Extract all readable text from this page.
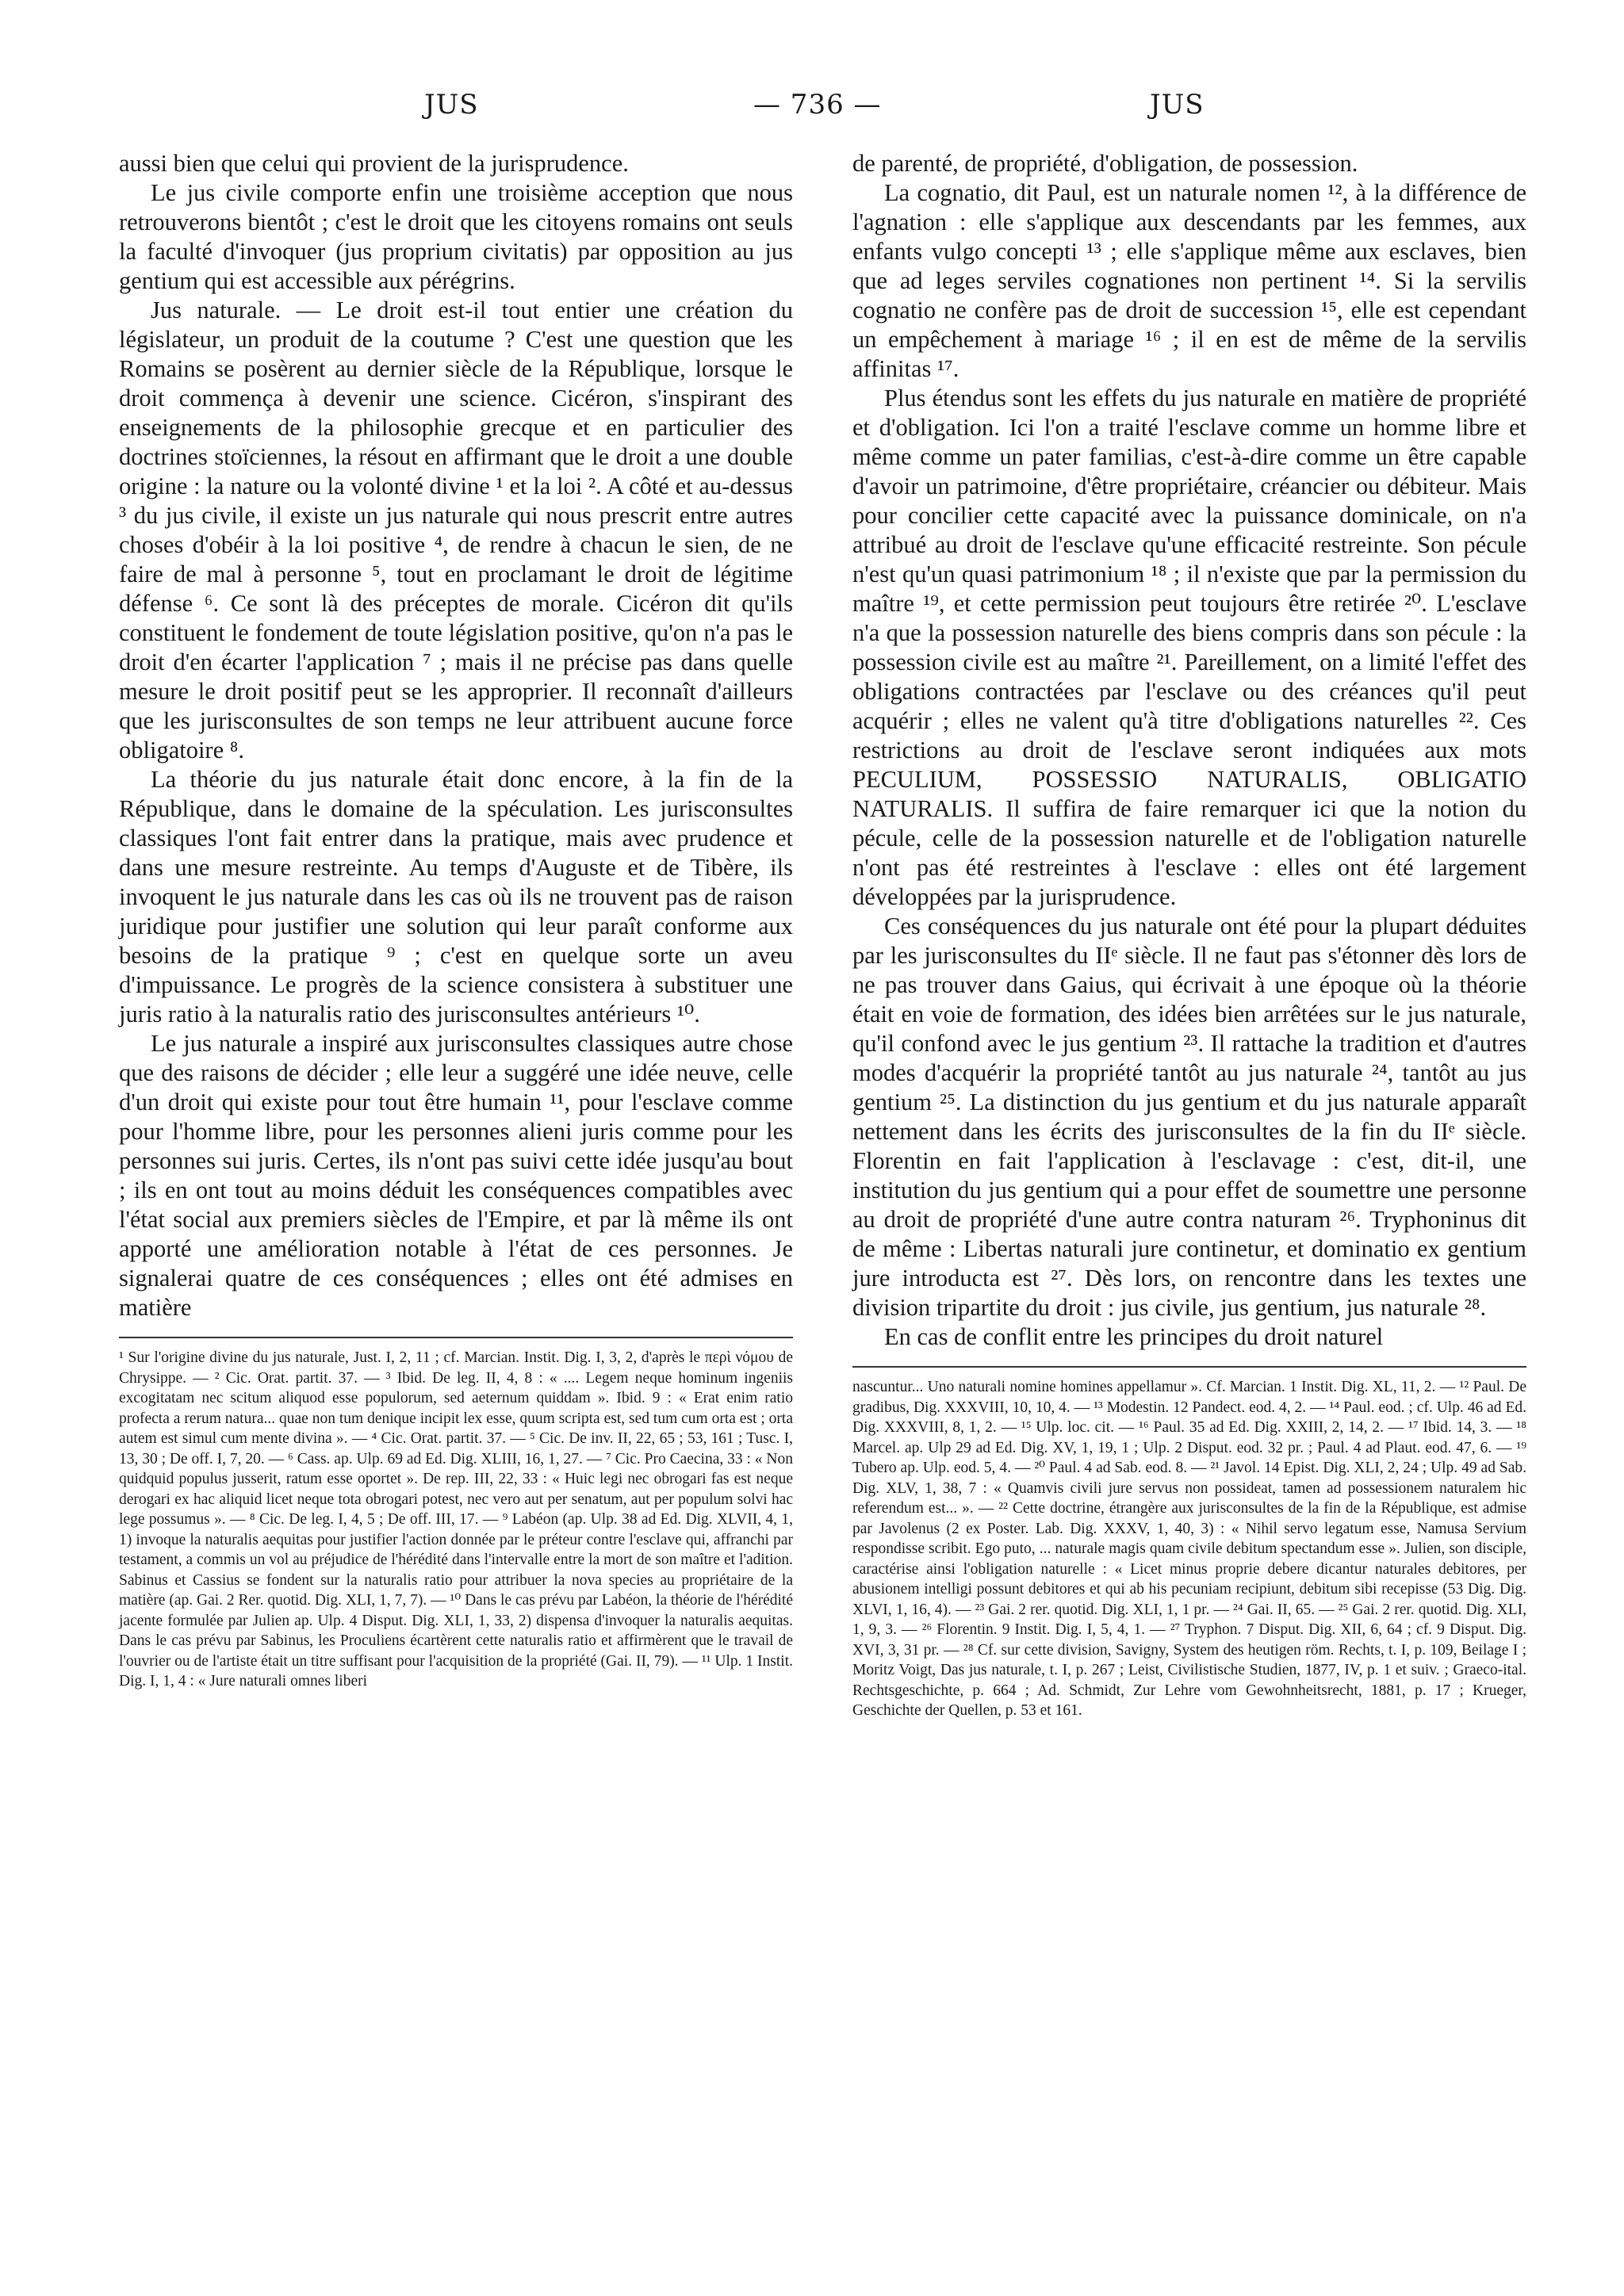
JUS	— 736 —	JUS

aussi bien que celui qui provient de la jurisprudence.

Le jus civile comporte enfin une troisième acception que nous retrouverons bientôt ; c'est le droit que les citoyens romains ont seuls la faculté d'invoquer (jus proprium civitatis) par opposition au jus gentium qui est accessible aux pérégrins.

Jus naturale. — Le droit est-il tout entier une création du législateur, un produit de la coutume ? C'est une question que les Romains se posèrent au dernier siècle de la République, lorsque le droit commença à devenir une science. Cicéron, s'inspirant des enseignements de la philosophie grecque et en particulier des doctrines stoïciennes, la résout en affirmant que le droit a une double origine : la nature ou la volonté divine ¹ et la loi ². A côté et au-dessus ³ du jus civile, il existe un jus naturale qui nous prescrit entre autres choses d'obéir à la loi positive ⁴, de rendre à chacun le sien, de ne faire de mal à personne ⁵, tout en proclamant le droit de légitime défense ⁶. Ce sont là des préceptes de morale. Cicéron dit qu'ils constituent le fondement de toute législation positive, qu'on n'a pas le droit d'en écarter l'application ⁷ ; mais il ne précise pas dans quelle mesure le droit positif peut se les approprier. Il reconnaît d'ailleurs que les jurisconsultes de son temps ne leur attribuent aucune force obligatoire ⁸.

La théorie du jus naturale était donc encore, à la fin de la République, dans le domaine de la spéculation. Les jurisconsultes classiques l'ont fait entrer dans la pratique, mais avec prudence et dans une mesure restreinte. Au temps d'Auguste et de Tibère, ils invoquent le jus naturale dans les cas où ils ne trouvent pas de raison juridique pour justifier une solution qui leur paraît conforme aux besoins de la pratique ⁹ ; c'est en quelque sorte un aveu d'impuissance. Le progrès de la science consistera à substituer une juris ratio à la naturalis ratio des jurisconsultes antérieurs ¹⁰.

Le jus naturale a inspiré aux jurisconsultes classiques autre chose que des raisons de décider ; elle leur a suggéré une idée neuve, celle d'un droit qui existe pour tout être humain ¹¹, pour l'esclave comme pour l'homme libre, pour les personnes alieni juris comme pour les personnes sui juris. Certes, ils n'ont pas suivi cette idée jusqu'au bout ; ils en ont tout au moins déduit les conséquences compatibles avec l'état social aux premiers siècles de l'Empire, et par là même ils ont apporté une amélioration notable à l'état de ces personnes. Je signalerai quatre de ces conséquences ; elles ont été admises en matière

¹ Sur l'origine divine du jus naturale, Just. I, 2, 11 ; cf. Marcian. Instit. Dig. I, 3, 2, d'après le περὶ νόμου de Chrysippe. — ² Cic. Orat. partit. 37. — ³ Ibid. De leg. II, 4, 8 : « .... Legem neque hominum ingeniis excogitatam nec scitum aliquod esse populorum, sed aeternum quiddam ». Ibid. 9 : « Erat enim ratio profecta a rerum natura... quae non tum denique incipit lex esse, quum scripta est, sed tum cum orta est ; orta autem est simul cum mente divina ». — ⁴ Cic. Orat. partit. 37. — ⁵ Cic. De inv. II, 22, 65 ; 53, 161 ; Tusc. I, 13, 30 ; De off. I, 7, 20. — ⁶ Cass. ap. Ulp. 69 ad Ed. Dig. XLIII, 16, 1, 27. — ⁷ Cic. Pro Caecina, 33 : « Non quidquid populus jusserit, ratum esse oportet ». De rep. III, 22, 33 : « Huic legi nec obrogari fas est neque derogari ex hac aliquid licet neque tota obrogari potest, nec vero aut per senatum, aut per populum solvi hac lege possumus ». — ⁸ Cic. De leg. I, 4, 5 ; De off. III, 17. — ⁹ Labéon (ap. Ulp. 38 ad Ed. Dig. XLVII, 4, 1, 1) invoque la naturalis aequitas pour justifier l'action donnée par le préteur contre l'esclave qui, affranchi par testament, a commis un vol au préjudice de l'hérédité dans l'intervalle entre la mort de son maître et l'adition. Sabinus et Cassius se fondent sur la naturalis ratio pour attribuer la nova species au propriétaire de la matière (ap. Gai. 2 Rer. quotid. Dig. XLI, 1, 7, 7). — ¹⁰ Dans le cas prévu par Labéon, la théorie de l'hérédité jacente formulée par Julien ap. Ulp. 4 Disput. Dig. XLI, 1, 33, 2) dispensa d'invoquer la naturalis aequitas. Dans le cas prévu par Sabinus, les Proculiens écartèrent cette naturalis ratio et affirmèrent que le travail de l'ouvrier ou de l'artiste était un titre suffisant pour l'acquisition de la propriété (Gai. II, 79). — ¹¹ Ulp. 1 Instit. Dig. I, 1, 4 : « Jure naturali omnes liberi

de parenté, de propriété, d'obligation, de possession.

La cognatio, dit Paul, est un naturale nomen ¹², à la différence de l'agnation : elle s'applique aux descendants par les femmes, aux enfants vulgo concepti ¹³ ; elle s'applique même aux esclaves, bien que ad leges serviles cognationes non pertinent ¹⁴. Si la servilis cognatio ne confère pas de droit de succession ¹⁵, elle est cependant un empêchement à mariage ¹⁶ ; il en est de même de la servilis affinitas ¹⁷.

Plus étendus sont les effets du jus naturale en matière de propriété et d'obligation. Ici l'on a traité l'esclave comme un homme libre et même comme un pater familias, c'est-à-dire comme un être capable d'avoir un patrimoine, d'être propriétaire, créancier ou débiteur. Mais pour concilier cette capacité avec la puissance dominicale, on n'a attribué au droit de l'esclave qu'une efficacité restreinte. Son pécule n'est qu'un quasi patrimonium ¹⁸ ; il n'existe que par la permission du maître ¹⁹, et cette permission peut toujours être retirée ²⁰. L'esclave n'a que la possession naturelle des biens compris dans son pécule : la possession civile est au maître ²¹. Pareillement, on a limité l'effet des obligations contractées par l'esclave ou des créances qu'il peut acquérir ; elles ne valent qu'à titre d'obligations naturelles ²². Ces restrictions au droit de l'esclave seront indiquées aux mots PECULIUM, POSSESSIO NATURALIS, OBLIGATIO NATURALIS. Il suffira de faire remarquer ici que la notion du pécule, celle de la possession naturelle et de l'obligation naturelle n'ont pas été restreintes à l'esclave : elles ont été largement développées par la jurisprudence.

Ces conséquences du jus naturale ont été pour la plupart déduites par les jurisconsultes du IIᵉ siècle. Il ne faut pas s'étonner dès lors de ne pas trouver dans Gaius, qui écrivait à une époque où la théorie était en voie de formation, des idées bien arrêtées sur le jus naturale, qu'il confond avec le jus gentium ²³. Il rattache la tradition et d'autres modes d'acquérir la propriété tantôt au jus naturale ²⁴, tantôt au jus gentium ²⁵. La distinction du jus gentium et du jus naturale apparaît nettement dans les écrits des jurisconsultes de la fin du IIᵉ siècle. Florentin en fait l'application à l'esclavage : c'est, dit-il, une institution du jus gentium qui a pour effet de soumettre une personne au droit de propriété d'une autre contra naturam ²⁶. Tryphoninus dit de même : Libertas naturali jure continetur, et dominatio ex gentium jure introducta est ²⁷. Dès lors, on rencontre dans les textes une division tripartite du droit : jus civile, jus gentium, jus naturale ²⁸.

En cas de conflit entre les principes du droit naturel

nascuntur... Uno naturali nomine homines appellamur ». Cf. Marcian. 1 Instit. Dig. XL, 11, 2. — ¹² Paul. De gradibus, Dig. XXXVIII, 10, 10, 4. — ¹³ Modestin. 12 Pandect. eod. 4, 2. — ¹⁴ Paul. eod. ; cf. Ulp. 46 ad Ed. Dig. XXXVIII, 8, 1, 2. — ¹⁵ Ulp. loc. cit. — ¹⁶ Paul. 35 ad Ed. Dig. XXIII, 2, 14, 2. — ¹⁷ Ibid. 14, 3. — ¹⁸ Marcel. ap. Ulp 29 ad Ed. Dig. XV, 1, 19, 1 ; Ulp. 2 Disput. eod. 32 pr. ; Paul. 4 ad Plaut. eod. 47, 6. — ¹⁹ Tubero ap. Ulp. eod. 5, 4. — ²⁰ Paul. 4 ad Sab. eod. 8. — ²¹ Javol. 14 Epist. Dig. XLI, 2, 24 ; Ulp. 49 ad Sab. Dig. XLV, 1, 38, 7 : « Quamvis civili jure servus non possideat, tamen ad possessionem naturalem hic referendum est... ». — ²² Cette doctrine, étrangère aux jurisconsultes de la fin de la République, est admise par Javolenus (2 ex Poster. Lab. Dig. XXXV, 1, 40, 3) : « Nihil servo legatum esse, Namusa Servium respondisse scribit. Ego puto, ... naturale magis quam civile debitum spectandum esse ». Julien, son disciple, caractérise ainsi l'obligation naturelle : « Licet minus proprie debere dicantur naturales debitores, per abusionem intelligi possunt debitores et qui ab his pecuniam recipiunt, debitum sibi recepisse (53 Dig. Dig. XLVI, 1, 16, 4). — ²³ Gai. 2 rer. quotid. Dig. XLI, 1, 1 pr. — ²⁴ Gai. II, 65. — ²⁵ Gai. 2 rer. quotid. Dig. XLI, 1, 9, 3. — ²⁶ Florentin. 9 Instit. Dig. I, 5, 4, 1. — ²⁷ Tryphon. 7 Disput. Dig. XII, 6, 64 ; cf. 9 Disput. Dig. XVI, 3, 31 pr. — ²⁸ Cf. sur cette division, Savigny, System des heutigen röm. Rechts, t. I, p. 109, Beilage I ; Moritz Voigt, Das jus naturale, t. I, p. 267 ; Leist, Civilistische Studien, 1877, IV, p. 1 et suiv. ; Graeco-ital. Rechtsgeschichte, p. 664 ; Ad. Schmidt, Zur Lehre vom Gewohnheitsrecht, 1881, p. 17 ; Krueger, Geschichte der Quellen, p. 53 et 161.
